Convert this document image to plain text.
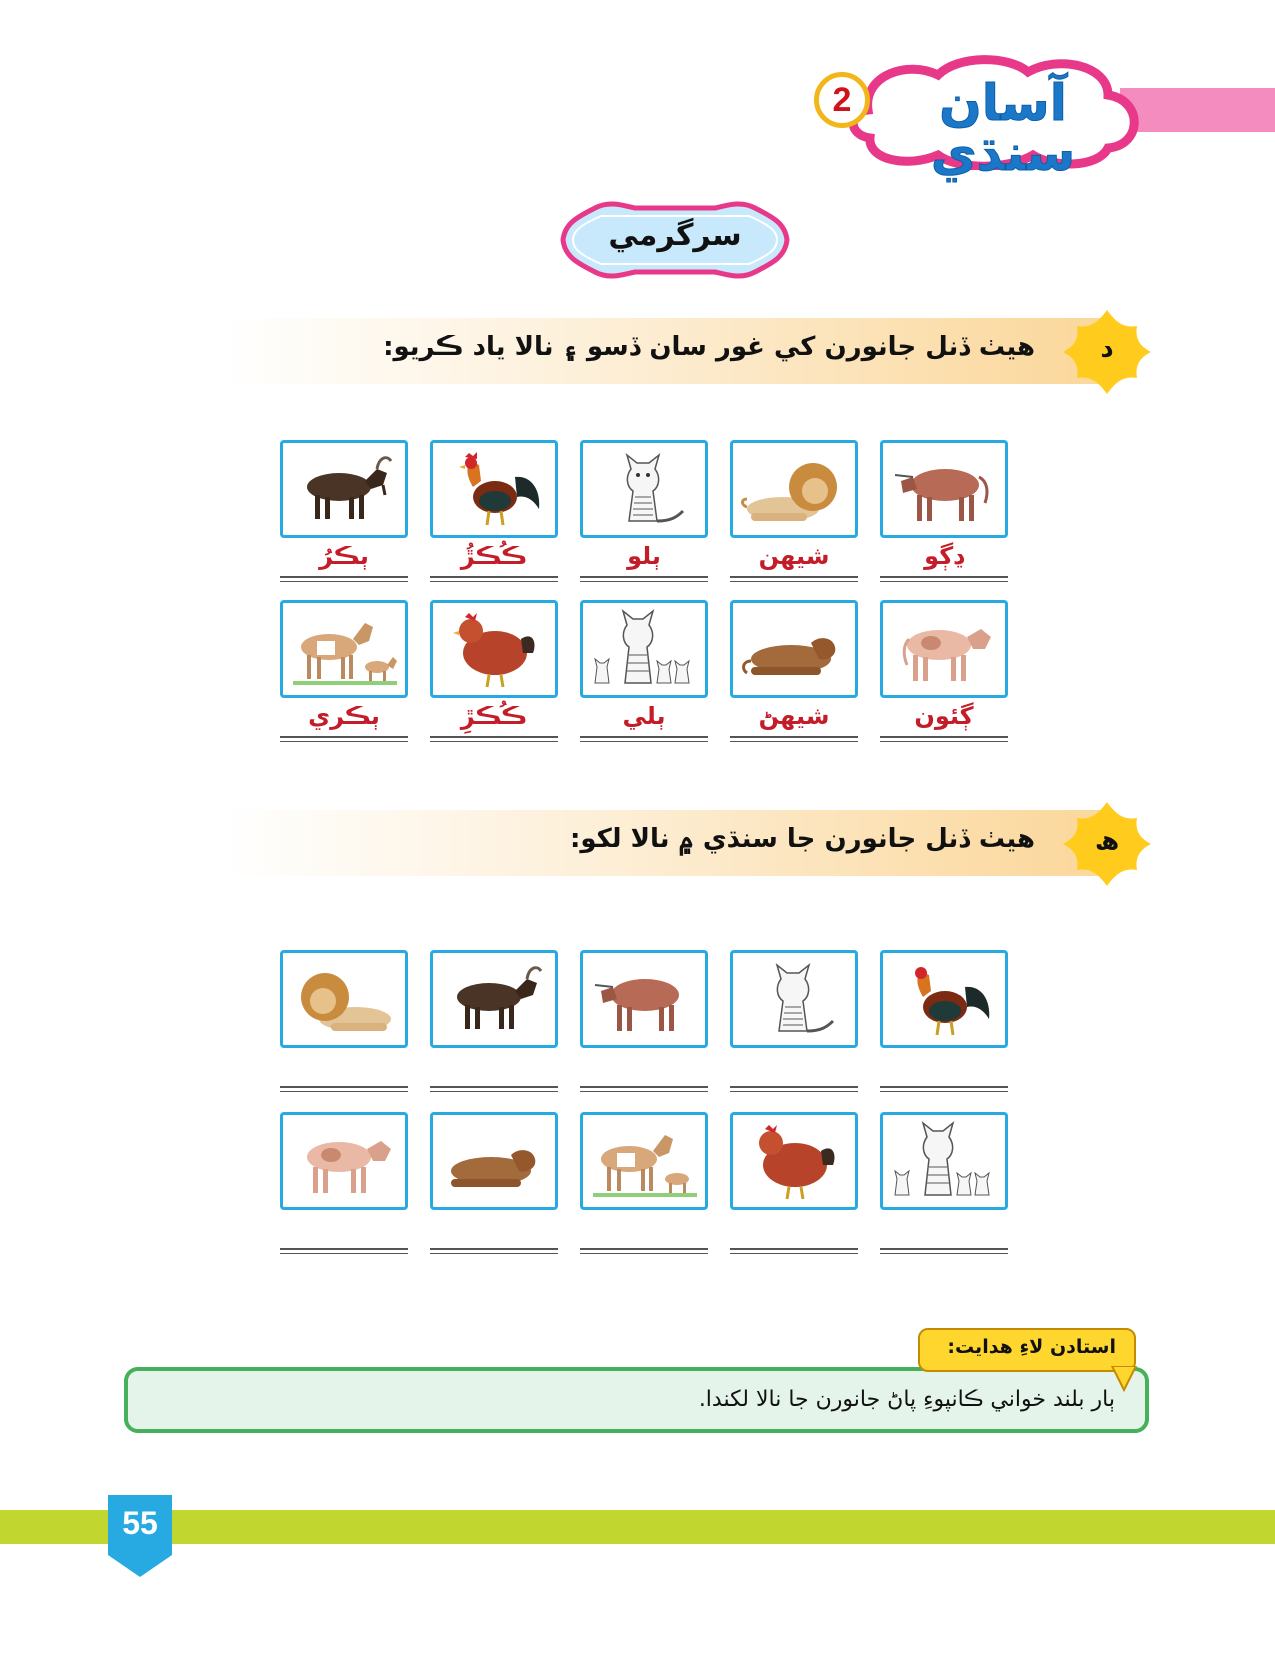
2	آسان سنڌي
سرگرمي
هيٺ ڏنل جانورن کي غور سان ڏسو ۽ نالا ياد ڪريو:	د
ٻڪرُ	ڪُڪڙُ	ٻلو	شيهن	ڍڳو
ٻڪري	ڪُڪڙِ	ٻلي	شيهڻ	ڳئون
هيٺ ڏنل جانورن جا سنڌي ۾ نالا لکو: ھ
ٻار بلند خواني ڪانپوءِ پاڻ جانورن جا نالا لکندا.
استادن لاءِ هدايت:
55
